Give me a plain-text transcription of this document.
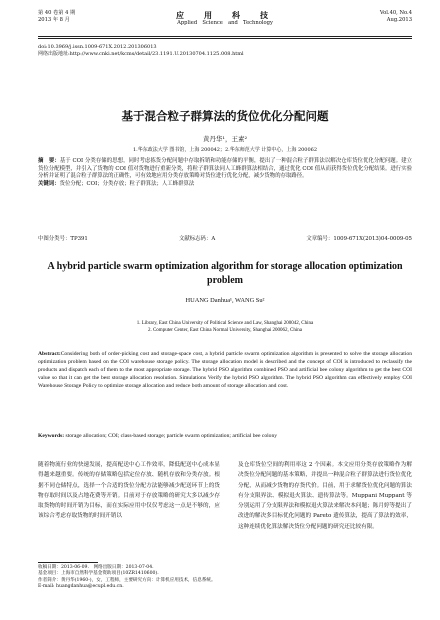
第 40 卷第 4 期
2013 年 8 月	应　用　科　技
Applied　Science　and　Technology
Vol.40, No.4
Aug.2013
doi:10.3969/j.issn.1009-671X.2012.201306013
网络出版地址:http://www.cnki.net/kcms/detail/23.1191.U.20130704.1125.008.html
基于混合粒子群算法的货位优化分配问题
黄丹华¹，王素²
1.华东政法大学 图书馆，上海 200042；2.华东师范大学 计算中心，上海 200062
摘　要：基于 COI 分类存储的思想，同时考虑拣货分配问题中存取拆销和功能存储的平衡，提出了一种混合粒子群算法以解决仓库货位优化分配问题。建立货位分配模型，并引入了货物的 COI 值对货物进行重新分类，将粒子群算法同人工蜂群算法相结合，通过优化 COI 值从而获得货位优化分配结果。进行实验分析并证明了混合粒子群算法的正确性，可有效地应用分类存放策略对货位进行优化分配，减少货物的存取路径。
关键词：货位分配；COI；分类存放；粒子群算法；人工蜂群算法
中图分类号：TP391	文献标志码：A	文章编号：1009-671X(2013)04-0009-05
A hybrid particle swarm optimization algorithm for storage allocation optimization problem
HUANG Danhua¹, WANG Su²
1. Library, East China University of Political Science and Law, Shanghai 200042, China
2. Computer Center, East China Normal University, Shanghai 200062, China
Abstract:Considering both of order-picking cost and storage-space cost, a hybrid particle swarm optimization algorithm is presented to solve the storage allocation optimization problem based on the COI warehouse storage policy. The storage allocation model is described and the concept of COI is introduced to reclassify the products and dispatch each of them to the most appropriate storage. The hybrid PSO algorithm combined PSO and artificial bee colony algorithm to get the best COI value so that it can get the best storage allocation resolution. Simulations Verify the hybrid PSO algorithm. The hybrid PSO algorithm can effectively employ COI Warehouse Storage Policy to optimize storage allocation and reduce both amount of storage allocation and cost.
Keywords: storage allocation; COI; class-based storage; particle swarm optimization; artificial bee colony
随着物流行业的快速发展，提高配送中心工作效率，降低配送中心成本显得越来越重要。传统的存储策略包括定位存放、随机存放和分类存放。根据不同仓储特点，选择一个合适的货位分配方法能够减少配送环节上的货物存取时间以及占地花费等开销。目前对于存放策略的研究大多以减少存取货物的时间开销为目标，而在实际应用中仅仅考虑这一点是不够的，应该综合考虑存取货物的时间开销以
及仓库货位空间的利用率这 2 个因素。本文应用分类存放策略作为解决货位分配问题的基本策略，并提出一种混合粒子群算法进行货位优化分配，从而减少货物的存货代价。目前，用于求解货位优化问题的算法有分支限界法、模拟退火算法、遗传算法等。Muppani Muppant 等分别运用了分支限界法和模拟退火算法来解决本问题；陈月婷等提出了改进的解决多目标优化问题的 Pareto 遗传算法，提高了算法的效率，这种连续优化算法解决货位分配问题的研究还比较有限。
收稿日期：2013-06-09.　网络出版日期：2013-07-04.
基金项目：上海市自然科学基金资助项目(10ZR1410600).
作者简介：黄丹华(1960-)，女，工程师，主要研究方向：计算机应用技术，信息系统。E-mail: huangdanhua@ecupl.edu.cn.
